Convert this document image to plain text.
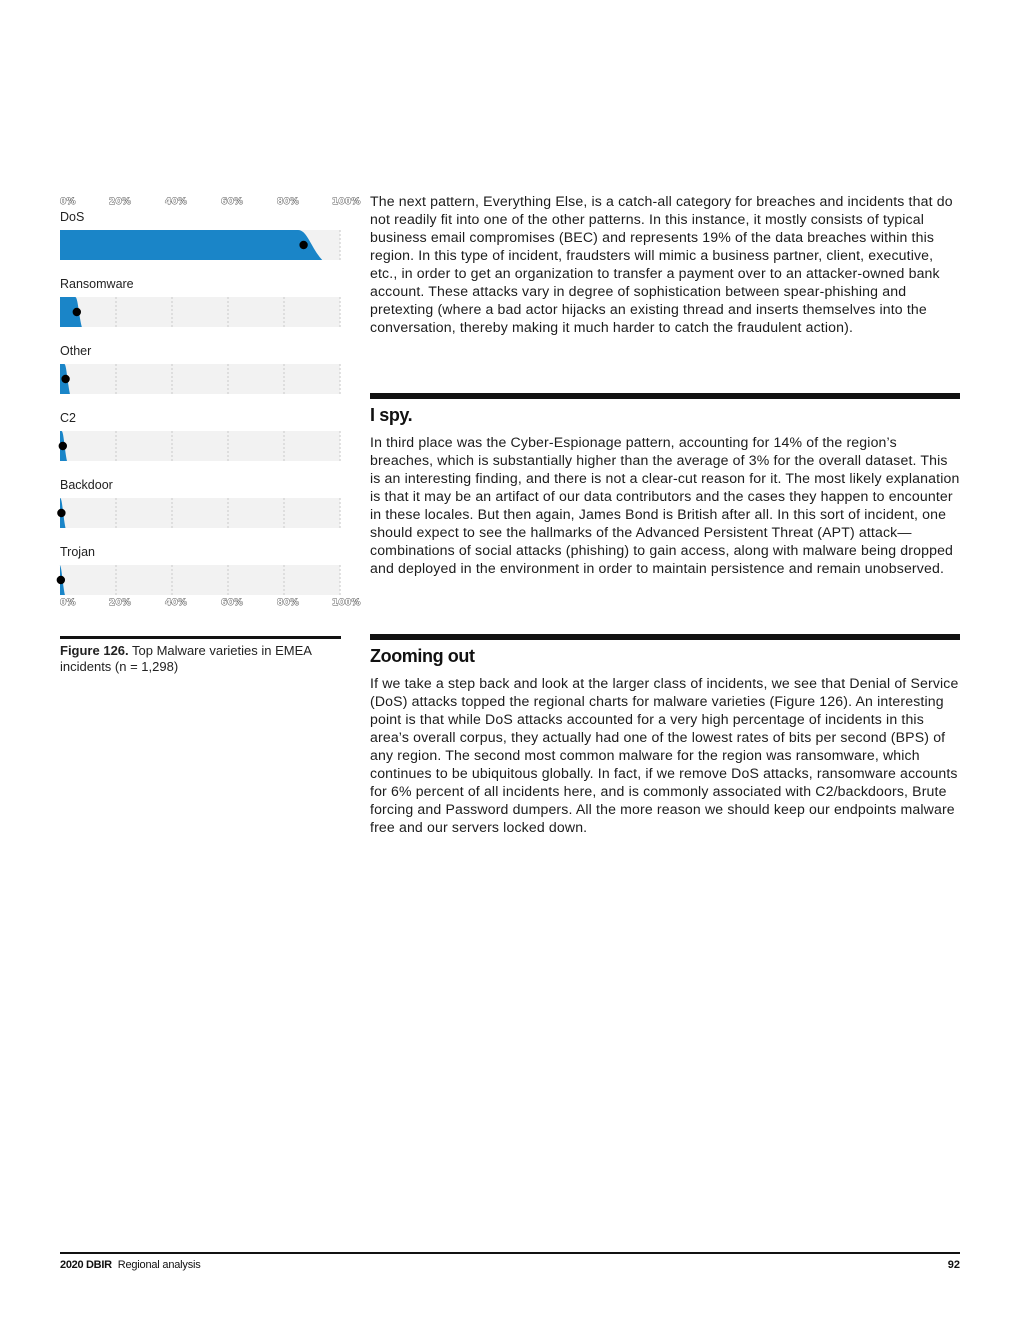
0%	20%	40%	60%	80%	100%
0%	20%	40%	60%	80%	100%
DoS
Ransomware
Other
C2
Backdoor
Trojan
Figure 126. Top Malware varieties in EMEA incidents (n = 1,298)

The next pattern, Everything Else, is a catch-all category for breaches and incidents that do not readily fit into one of the other patterns. In this instance, it mostly consists of typical business email compromises (BEC) and represents 19% of the data breaches within this region. In this type of incident, fraudsters will mimic a business partner, client, executive, etc., in order to get an organization to transfer a payment over to an attacker-owned bank account. These attacks vary in degree of sophistication between spear-phishing and pretexting (where a bad actor hijacks an existing thread and inserts themselves into the conversation, thereby making it much harder to catch the fraudulent action).

I spy.

In third place was the Cyber-Espionage pattern, accounting for 14% of the region’s breaches, which is substantially higher than the average of 3% for the overall dataset. This is an interesting finding, and there is not a clear-cut reason for it. The most likely explanation is that it may be an artifact of our data contributors and the cases they happen to encounter in these locales. But then again, James Bond is British after all. In this sort of incident, one should expect to see the hallmarks of the Advanced Persistent Threat (APT) attack— combinations of social attacks (phishing) to gain access, along with malware being dropped and deployed in the environment in order to maintain persistence and remain unobserved.

Zooming out

If we take a step back and look at the larger class of incidents, we see that Denial of Service (DoS) attacks topped the regional charts for malware varieties (Figure 126). An interesting point is that while DoS attacks accounted for a very high percentage of incidents in this area’s overall corpus, they actually had one of the lowest rates of bits per second (BPS) of any region. The second most common malware for the region was ransomware, which continues to be ubiquitous globally. In fact, if we remove DoS attacks, ransomware accounts for 6% percent of all incidents here, and is commonly associated with C2/backdoors, Brute forcing and Password dumpers. All the more reason we should keep our endpoints malware free and our servers locked down.

2020 DBIR Regional analysis	92
